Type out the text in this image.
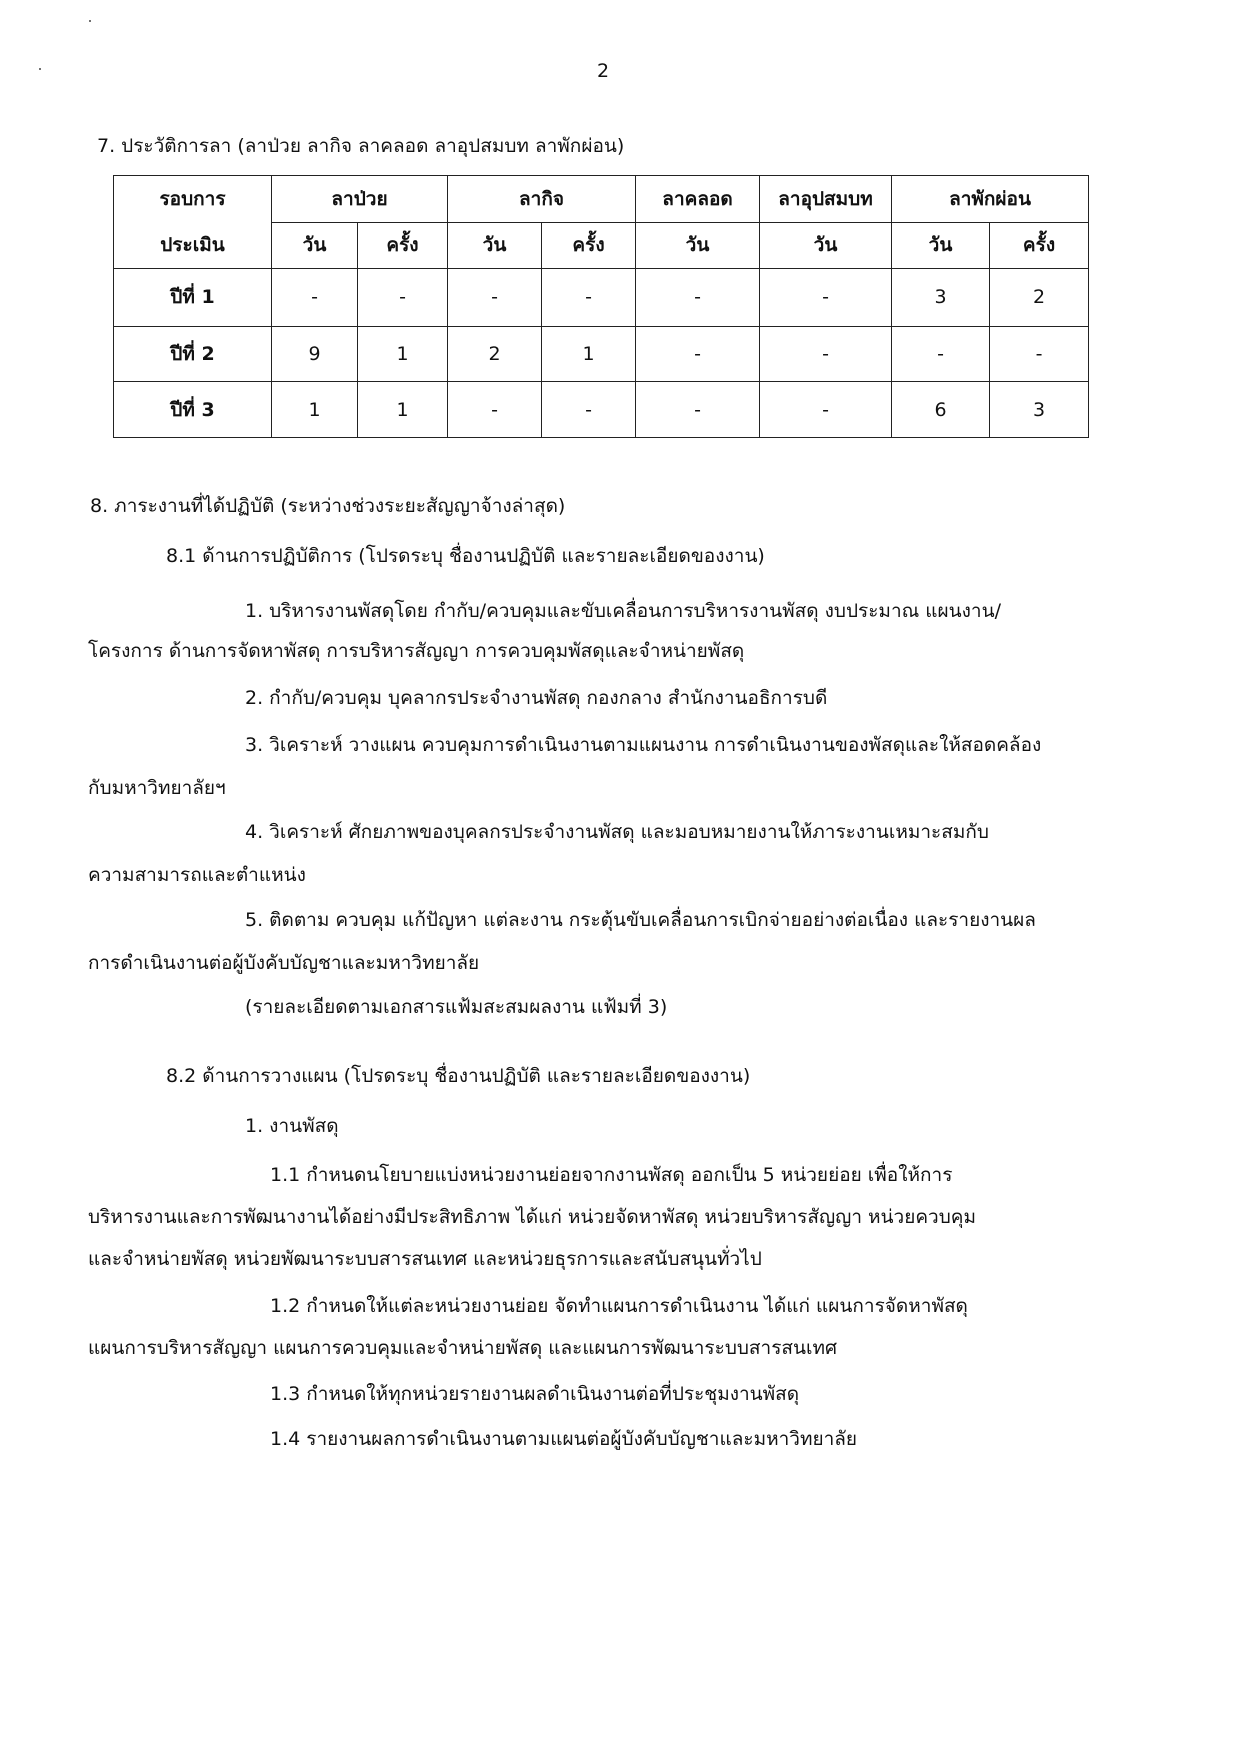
2
7. ประวัติการลา (ลาป่วย ลากิจ ลาคลอด ลาอุปสมบท ลาพักผ่อน)
รอบการ	ลาป่วย		ลากิจ		ลาคลอด	ลาอุปสมบท	ลาพักผ่อน	
ประเมิน	วัน	ครั้ง	วัน	ครั้ง	วัน	วัน	วัน	ครั้ง
ปีที่ 1	-	-	-	-	-	-	3	2
ปีที่ 2	9	1	2	1	-	-	-	-
ปีที่ 3	1	1	-	-	-	-	6	3
8. ภาระงานที่ได้ปฏิบัติ (ระหว่างช่วงระยะสัญญาจ้างล่าสุด)
8.1 ด้านการปฏิบัติการ (โปรดระบุ ชื่องานปฏิบัติ และรายละเอียดของงาน)
1. บริหารงานพัสดุโดย กำกับ/ควบคุมและขับเคลื่อนการบริหารงานพัสดุ งบประมาณ แผนงาน/
โครงการ ด้านการจัดหาพัสดุ การบริหารสัญญา การควบคุมพัสดุและจำหน่ายพัสดุ
2. กำกับ/ควบคุม บุคลากรประจำงานพัสดุ กองกลาง สำนักงานอธิการบดี
3. วิเคราะห์ วางแผน ควบคุมการดำเนินงานตามแผนงาน การดำเนินงานของพัสดุและให้สอดคล้อง
กับมหาวิทยาลัยฯ
4. วิเคราะห์ ศักยภาพของบุคลกรประจำงานพัสดุ และมอบหมายงานให้ภาระงานเหมาะสมกับ
ความสามารถและตำแหน่ง
5. ติดตาม ควบคุม แก้ปัญหา แต่ละงาน กระตุ้นขับเคลื่อนการเบิกจ่ายอย่างต่อเนื่อง และรายงานผล
การดำเนินงานต่อผู้บังคับบัญชาและมหาวิทยาลัย
(รายละเอียดตามเอกสารแฟ้มสะสมผลงาน แฟ้มที่ 3)
8.2 ด้านการวางแผน (โปรดระบุ ชื่องานปฏิบัติ และรายละเอียดของงาน)
1. งานพัสดุ
1.1 กำหนดนโยบายแบ่งหน่วยงานย่อยจากงานพัสดุ ออกเป็น 5 หน่วยย่อย เพื่อให้การ
บริหารงานและการพัฒนางานได้อย่างมีประสิทธิภาพ ได้แก่ หน่วยจัดหาพัสดุ หน่วยบริหารสัญญา หน่วยควบคุม
และจำหน่ายพัสดุ หน่วยพัฒนาระบบสารสนเทศ และหน่วยธุรการและสนับสนุนทั่วไป
1.2 กำหนดให้แต่ละหน่วยงานย่อย จัดทำแผนการดำเนินงาน ได้แก่ แผนการจัดหาพัสดุ
แผนการบริหารสัญญา แผนการควบคุมและจำหน่ายพัสดุ และแผนการพัฒนาระบบสารสนเทศ
1.3 กำหนดให้ทุกหน่วยรายงานผลดำเนินงานต่อที่ประชุมงานพัสดุ
1.4 รายงานผลการดำเนินงานตามแผนต่อผู้บังคับบัญชาและมหาวิทยาลัย
